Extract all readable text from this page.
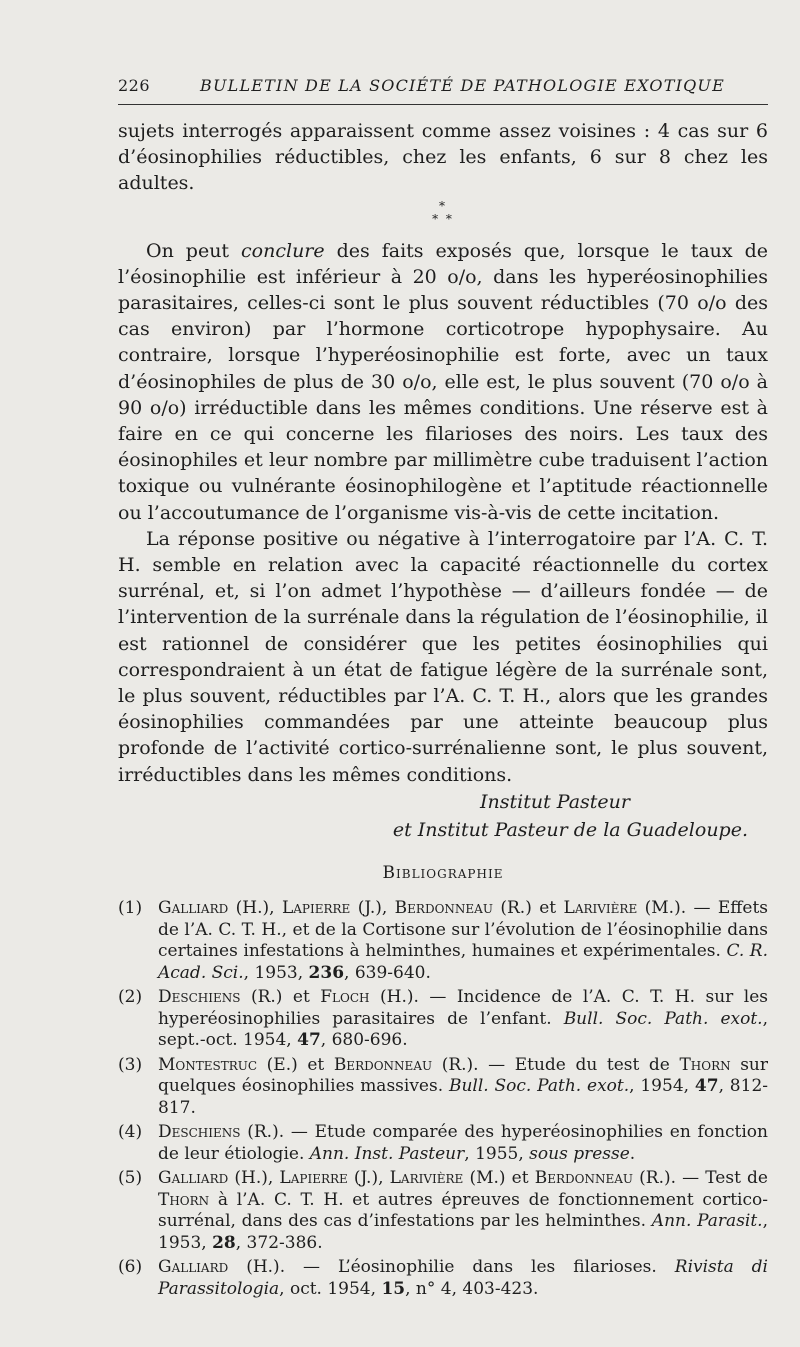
226	BULLETIN DE LA SOCIÉTÉ DE PATHOLOGIE EXOTIQUE

sujets interrogés apparaissent comme assez voisines : 4 cas sur 6 d’éosinophilies réductibles, chez les enfants, 6 sur 8 chez les adultes.

*
* *

On peut conclure des faits exposés que, lorsque le taux de l’éosinophilie est inférieur à 20 o/o, dans les hyperéosinophilies parasitaires, celles-ci sont le plus souvent réductibles (70 o/o des cas environ) par l’hormone corticotrope hypophysaire. Au contraire, lorsque l’hyperéosinophilie est forte, avec un taux d’éosinophiles de plus de 30 o/o, elle est, le plus souvent (70 o/o à 90 o/o) irréductible dans les mêmes conditions. Une réserve est à faire en ce qui concerne les filarioses des noirs. Les taux des éosinophiles et leur nombre par millimètre cube traduisent l’action toxique ou vulnérante éosinophilogène et l’aptitude réactionnelle ou l’accoutumance de l’organisme vis-à-vis de cette incitation.

La réponse positive ou négative à l’interrogatoire par l’A. C. T. H. semble en relation avec la capacité réactionnelle du cortex surrénal, et, si l’on admet l’hypothèse — d’ailleurs fondée — de l’intervention de la surrénale dans la régulation de l’éosinophilie, il est rationnel de considérer que les petites éosinophilies qui correspondraient à un état de fatigue légère de la surrénale sont, le plus souvent, réductibles par l’A. C. T. H., alors que les grandes éosinophilies commandées par une atteinte beaucoup plus profonde de l’activité cortico-surrénalienne sont, le plus souvent, irréductibles dans les mêmes conditions.

Institut Pasteur
et Institut Pasteur de la Guadeloupe.
Bibliographie
(1) Galliard (H.), Lapierre (J.), Berdonneau (R.) et Larivière (M.). — Effets de l’A. C. T. H., et de la Cortisone sur l’évolution de l’éosinophilie dans certaines infestations à helminthes, humaines et expérimentales. C. R. Acad. Sci., 1953, 236, 639-640.
(2) Deschiens (R.) et Floch (H.). — Incidence de l’A. C. T. H. sur les hyperéosinophilies parasitaires de l’enfant. Bull. Soc. Path. exot., sept.-oct. 1954, 47, 680-696.
(3) Montestruc (E.) et Berdonneau (R.). — Etude du test de Thorn sur quelques éosinophilies massives. Bull. Soc. Path. exot., 1954, 47, 812-817.
(4) Deschiens (R.). — Etude comparée des hyperéosinophilies en fonction de leur étiologie. Ann. Inst. Pasteur, 1955, sous presse.
(5) Galliard (H.), Lapierre (J.), Larivière (M.) et Berdonneau (R.). — Test de Thorn à l’A. C. T. H. et autres épreuves de fonctionnement cortico-surrénal, dans des cas d’infestations par les helminthes. Ann. Parasit., 1953, 28, 372-386.
(6) Galliard (H.). — L’éosinophilie dans les filarioses. Rivista di Parassitologia, oct. 1954, 15, n° 4, 403-423.
